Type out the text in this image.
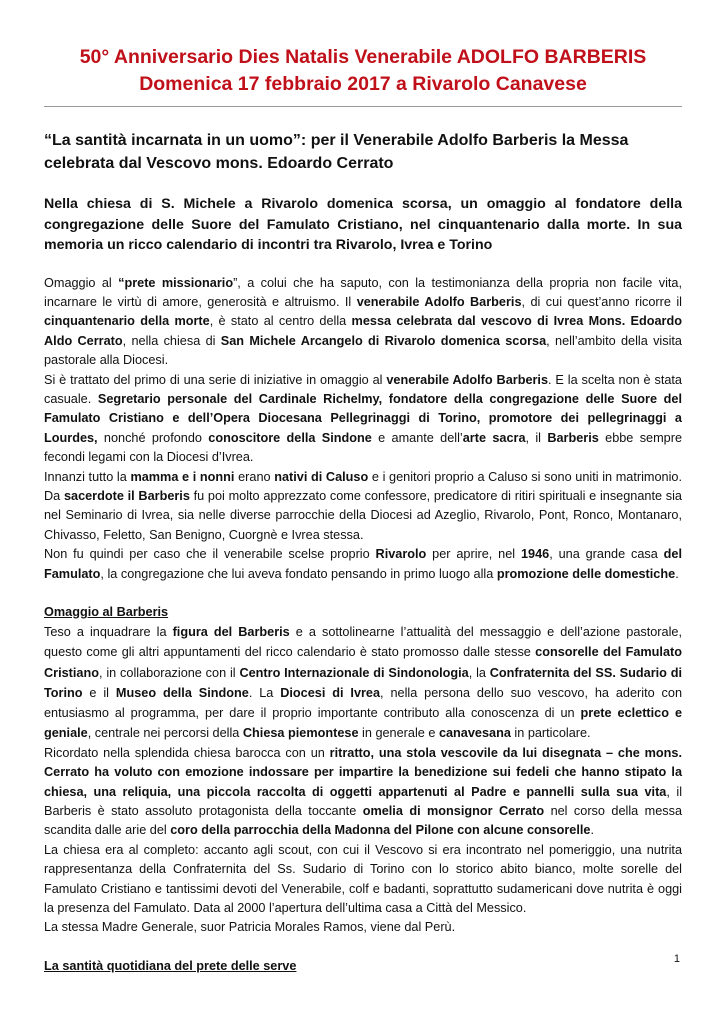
50° Anniversario Dies Natalis Venerabile ADOLFO BARBERIS
Domenica 17 febbraio 2017 a Rivarolo Canavese

“La santità incarnata in un uomo”: per il Venerabile Adolfo Barberis la Messa celebrata dal Vescovo mons. Edoardo Cerrato

Nella chiesa di S. Michele a Rivarolo domenica scorsa, un omaggio al fondatore della congregazione delle Suore del Famulato Cristiano, nel cinquantenario dalla morte. In sua memoria un ricco calendario di incontri tra Rivarolo, Ivrea e Torino

Omaggio al “prete missionario”, a colui che ha saputo, con la testimonianza della propria non facile vita, incarnare le virtù di amore, generosità e altruismo. Il venerabile Adolfo Barberis, di cui quest’anno ricorre il cinquantenario della morte, è stato al centro della messa celebrata dal vescovo di Ivrea Mons. Edoardo Aldo Cerrato, nella chiesa di San Michele Arcangelo di Rivarolo domenica scorsa, nell’ambito della visita pastorale alla Diocesi.

Si è trattato del primo di una serie di iniziative in omaggio al venerabile Adolfo Barberis. E la scelta non è stata casuale. Segretario personale del Cardinale Richelmy, fondatore della congregazione delle Suore del Famulato Cristiano e dell’Opera Diocesana Pellegrinaggi di Torino, promotore dei pellegrinaggi a Lourdes, nonché profondo conoscitore della Sindone e amante dell’arte sacra, il Barberis ebbe sempre fecondi legami con la Diocesi d’Ivrea.

Innanzi tutto la mamma e i nonni erano nativi di Caluso e i genitori proprio a Caluso si sono uniti in matrimonio. Da sacerdote il Barberis fu poi molto apprezzato come confessore, predicatore di ritiri spirituali e insegnante sia nel Seminario di Ivrea, sia nelle diverse parrocchie della Diocesi ad Azeglio, Rivarolo, Pont, Ronco, Montanaro, Chivasso, Feletto, San Benigno, Cuorgnè e Ivrea stessa.

Non fu quindi per caso che il venerabile scelse proprio Rivarolo per aprire, nel 1946, una grande casa del Famulato, la congregazione che lui aveva fondato pensando in primo luogo alla promozione delle domestiche.

Omaggio al Barberis

Teso a inquadrare la figura del Barberis e a sottolinearne l’attualità del messaggio e dell’azione pastorale, questo come gli altri appuntamenti del ricco calendario è stato promosso dalle stesse consorelle del Famulato Cristiano, in collaborazione con il Centro Internazionale di Sindonologia, la Confraternita del SS. Sudario di Torino e il Museo della Sindone. La Diocesi di Ivrea, nella persona dello suo vescovo, ha aderito con entusiasmo al programma, per dare il proprio importante contributo alla conoscenza di un prete eclettico e geniale, centrale nei percorsi della Chiesa piemontese in generale e canavesana in particolare.

Ricordato nella splendida chiesa barocca con un ritratto, una stola vescovile da lui disegnata – che mons. Cerrato ha voluto con emozione indossare per impartire la benedizione sui fedeli che hanno stipato la chiesa, una reliquia, una piccola raccolta di oggetti appartenuti al Padre e pannelli sulla sua vita, il Barberis è stato assoluto protagonista della toccante omelia di monsignor Cerrato nel corso della messa scandita dalle arie del coro della parrocchia della Madonna del Pilone con alcune consorelle.

La chiesa era al completo: accanto agli scout, con cui il Vescovo si era incontrato nel pomeriggio, una nutrita rappresentanza della Confraternita del Ss. Sudario di Torino con lo storico abito bianco, molte sorelle del Famulato Cristiano e tantissimi devoti del Venerabile, colf e badanti, soprattutto sudamericani dove nutrita è oggi la presenza del Famulato. Data al 2000 l’apertura dell’ultima casa a Città del Messico.

La stessa Madre Generale, suor Patricia Morales Ramos, viene dal Perù.

La santità quotidiana del prete delle serve	1
